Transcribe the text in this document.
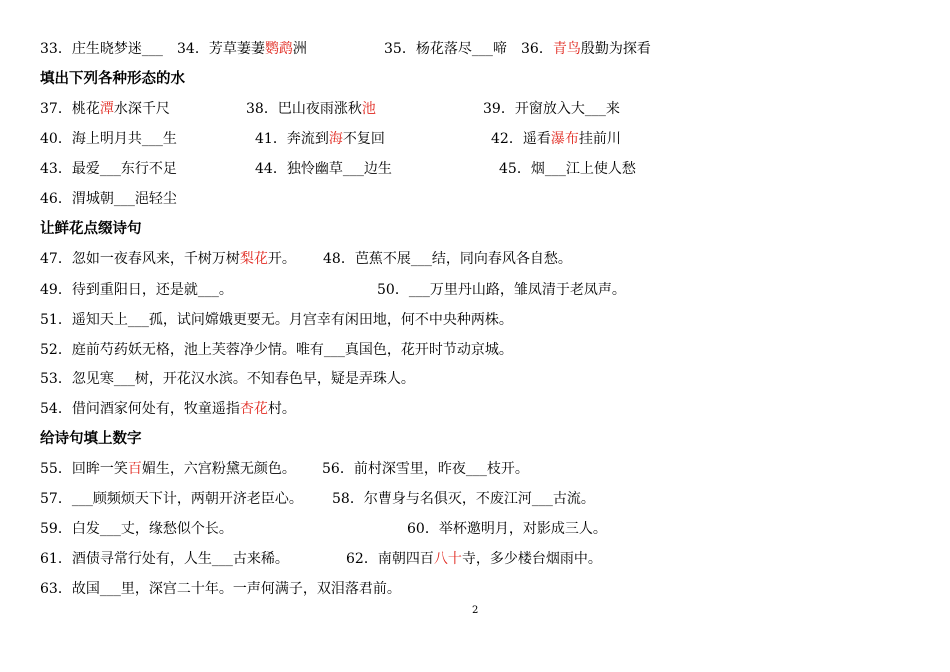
33．庄生晓梦迷___ 34．芳草萋萋鹦鹉洲	35．杨花落尽___啼 36．青鸟殷勤为探看
填出下列各种形态的水
37．桃花潭水深千尺	38．巴山夜雨涨秋池	39．开窗放入大___来
40．海上明月共___生	41．奔流到海不复回	42．遥看瀑布挂前川
43．最爱___东行不足	44．独怜幽草___边生	45．烟___江上使人愁
46．渭城朝___浥轻尘
让鲜花点缀诗句
47．忽如一夜春风来，千树万树梨花开。 48．芭蕉不展___结，同向春风各自愁。
49．待到重阳日，还是就___。	50．___万里丹山路，雏凤清于老凤声。
51．遥知天上___孤，试问嫦娥更要无。月宫幸有闲田地，何不中央种两株。
52．庭前芍药妖无格，池上芙蓉净少情。唯有___真国色，花开时节动京城。
53．忽见寒___树，开花汉水滨。不知春色早，疑是弄珠人。
54．借问酒家何处有，牧童遥指杏花村。
给诗句填上数字
55．回眸一笑百媚生，六宫粉黛无颜色。 56．前村深雪里，昨夜___枝开。
57．___顾频烦天下计，两朝开济老臣心。 58．尔曹身与名俱灭，不废江河___古流。
59．白发___丈，缘愁似个长。	60．举杯邀明月，对影成三人。
61．酒债寻常行处有，人生___古来稀。	62．南朝四百八十寺，多少楼台烟雨中。
63．故国___里，深宫二十年。一声何满子，双泪落君前。
2
